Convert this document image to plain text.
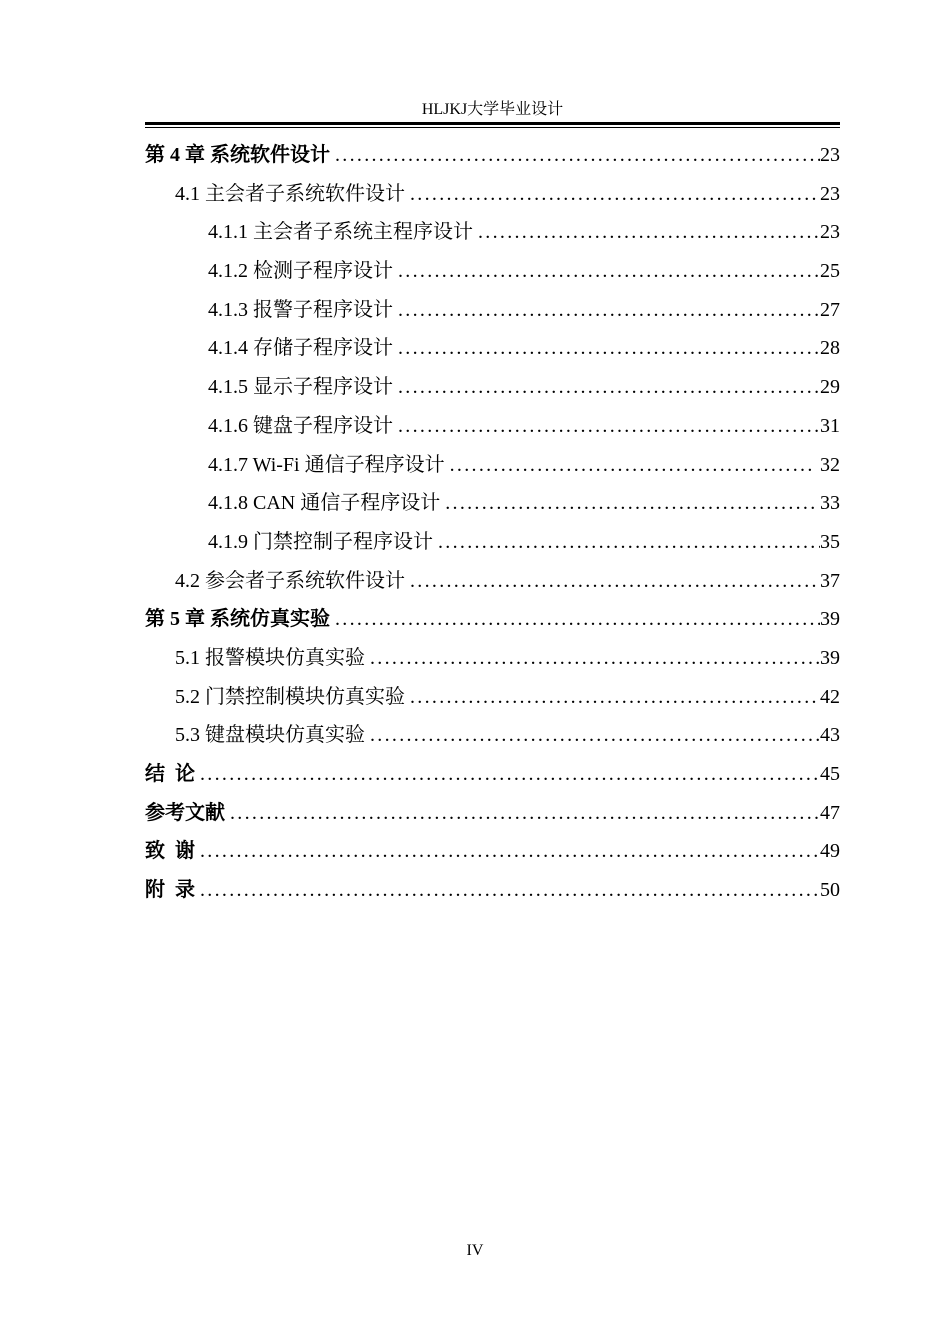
HLJKJ大学毕业设计
第 4 章 系统软件设计 .....	23
4.1 主会者子系统软件设计 .....	23
4.1.1 主会者子系统主程序设计 .....	23
4.1.2 检测子程序设计 .....	25
4.1.3 报警子程序设计 .....	27
4.1.4 存储子程序设计 .....	28
4.1.5 显示子程序设计 .....	29
4.1.6 键盘子程序设计 .....	31
4.1.7 Wi-Fi 通信子程序设计 .....	32
4.1.8 CAN 通信子程序设计 .....	33
4.1.9 门禁控制子程序设计 .....	35
4.2 参会者子系统软件设计 .....	37
第 5 章 系统仿真实验 .....	39
5.1 报警模块仿真实验 .....	39
5.2 门禁控制模块仿真实验 .....	42
5.3 键盘模块仿真实验 .....	43
结  论 .....	45
参考文献 .....	47
致  谢 .....	49
附  录 .....	50
IV
